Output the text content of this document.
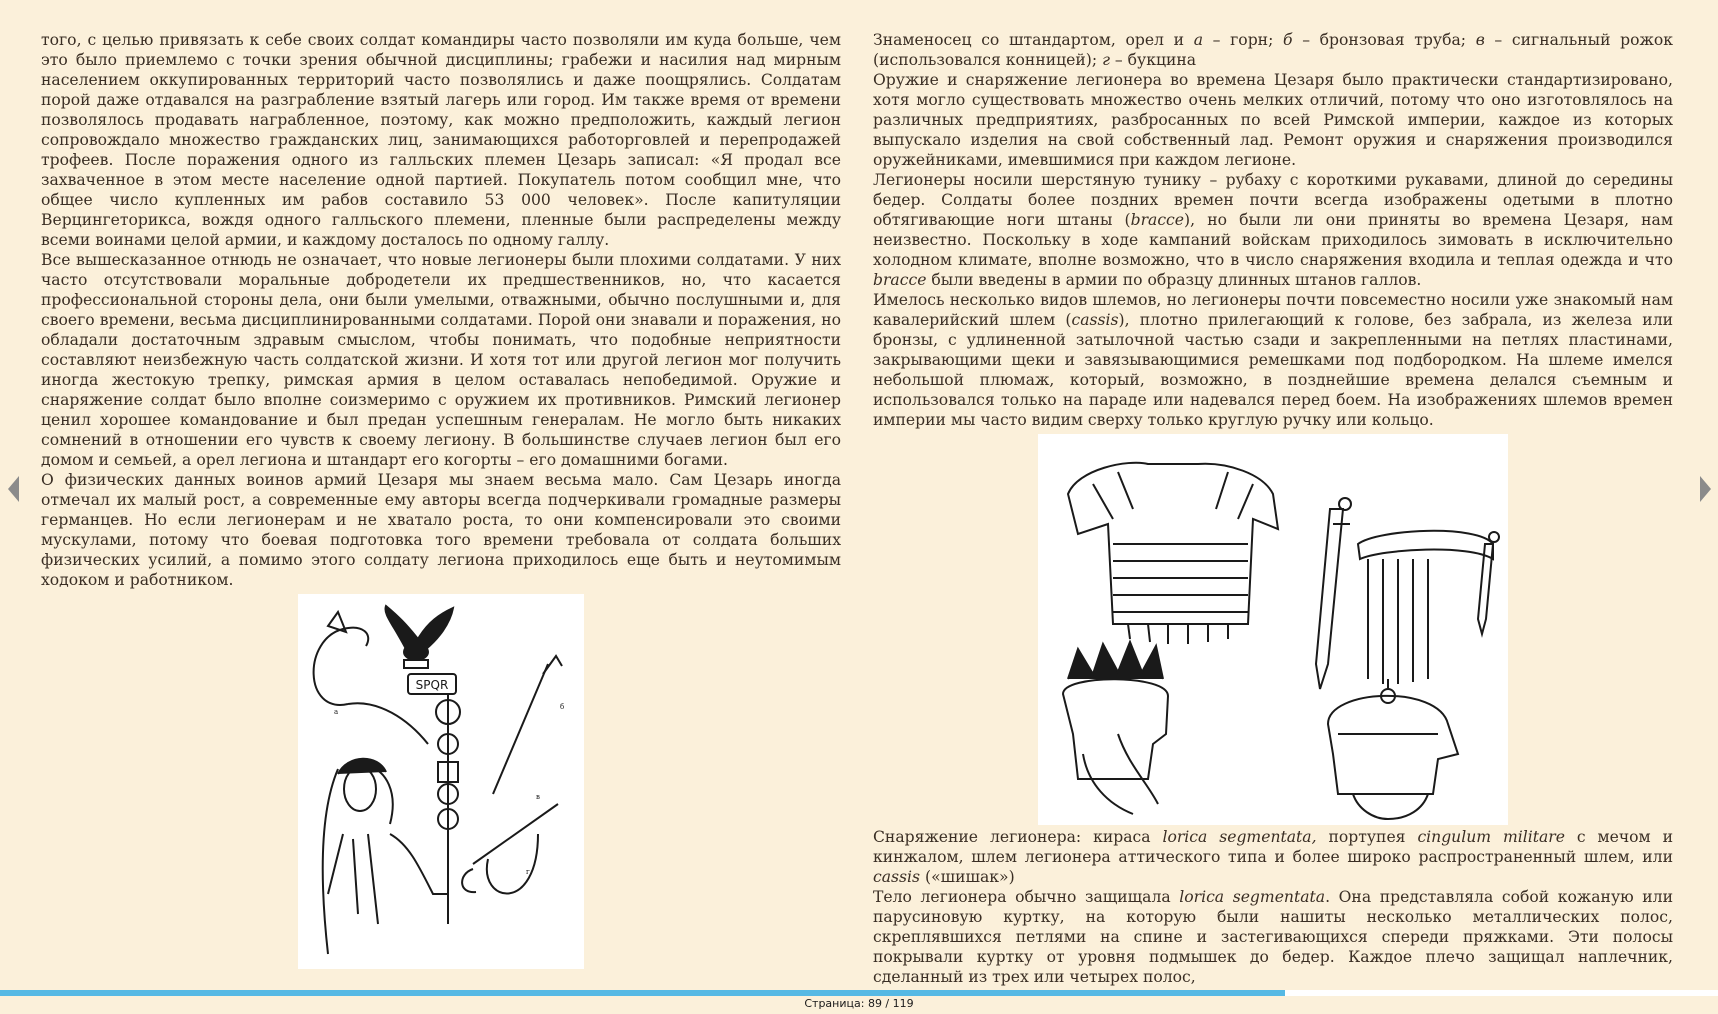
того, с целью привязать к себе своих солдат командиры часто позволяли им куда больше, чем это было приемлемо с точки зрения обычной дисциплины; грабежи и насилия над мирным населением оккупированных территорий часто позволялись и даже поощрялись. Солдатам порой даже отдавался на разграбление взятый лагерь или город. Им также время от времени позволялось продавать награбленное, поэтому, как можно предположить, каждый легион сопровождало множество гражданских лиц, занимающихся работорговлей и перепродажей трофеев. После поражения одного из галльских племен Цезарь записал: «Я продал все захваченное в этом месте население одной партией. Покупатель потом сообщил мне, что общее число купленных им рабов составило 53 000 человек». После капитуляции Верцингеторикса, вождя одного галльского племени, пленные были распределены между всеми воинами целой армии, и каждому досталось по одному галлу.

Все вышесказанное отнюдь не означает, что новые легионеры были плохими солдатами. У них часто отсутствовали моральные добродетели их предшественников, но, что касается профессиональной стороны дела, они были умелыми, отважными, обычно послушными и, для своего времени, весьма дисциплинированными солдатами. Порой они знавали и поражения, но обладали достаточным здравым смыслом, чтобы понимать, что подобные неприятности составляют неизбежную часть солдатской жизни. И хотя тот или другой легион мог получить иногда жестокую трепку, римская армия в целом оставалась непобедимой. Оружие и снаряжение солдат было вполне соизмеримо с оружием их противников. Римский легионер ценил хорошее командование и был предан успешным генералам. Не могло быть никаких сомнений в отношении его чувств к своему легиону. В большинстве случаев легион был его домом и семьей, а орел легиона и штандарт его когорты – его домашними богами.

О физических данных воинов армий Цезаря мы знаем весьма мало. Сам Цезарь иногда отмечал их малый рост, а современные ему авторы всегда подчеркивали громадные размеры германцев. Но если легионерам и не хватало роста, то они компенсировали это своими мускулами, потому что боевая подготовка того времени требовала от солдата больших физических усилий, а помимо этого солдату легиона приходилось еще быть и неутомимым ходоком и работником.

SPQR
а
б
в
г

Знаменосец со штандартом, орел и а – горн; б – бронзовая труба; в – сигнальный рожок (использовался конницей); г – букцина

Оружие и снаряжение легионера во времена Цезаря было практически стандартизировано, хотя могло существовать множество очень мелких отличий, потому что оно изготовлялось на различных предприятиях, разбросанных по всей Римской империи, каждое из которых выпускало изделия на свой собственный лад. Ремонт оружия и снаряжения производился оружейниками, имевшимися при каждом легионе.

Легионеры носили шерстяную тунику – рубаху с короткими рукавами, длиной до середины бедер. Солдаты более поздних времен почти всегда изображены одетыми в плотно обтягивающие ноги штаны (bracce), но были ли они приняты во времена Цезаря, нам неизвестно. Поскольку в ходе кампаний войскам приходилось зимовать в исключительно холодном климате, вполне возможно, что в число снаряжения входила и теплая одежда и что bracce были введены в армии по образцу длинных штанов галлов.

Имелось несколько видов шлемов, но легионеры почти повсеместно носили уже знакомый нам кавалерийский шлем (cassis), плотно прилегающий к голове, без забрала, из железа или бронзы, с удлиненной затылочной частью сзади и закрепленными на петлях пластинами, закрывающими щеки и завязывающимися ремешками под подбородком. На шлеме имелся небольшой плюмаж, который, возможно, в позднейшие времена делался съемным и использовался только на параде или надевался перед боем. На изображениях шлемов времен империи мы часто видим сверху только круглую ручку или кольцо.

Снаряжение легионера: кираса lorica segmentata, портупея cingulum militare с мечом и кинжалом, шлем легионера аттического типа и более широко распространенный шлем, или cassis («шишак»)

Тело легионера обычно защищала lorica segmentata. Она представляла собой кожаную или парусиновую куртку, на которую были нашиты несколько металлических полос, скреплявшихся петлями на спине и застегивающихся спереди пряжками. Эти полосы покрывали куртку от уровня подмышек до бедер. Каждое плечо защищал наплечник, сделанный из трех или четырех полос,

Страница: 89 / 119
